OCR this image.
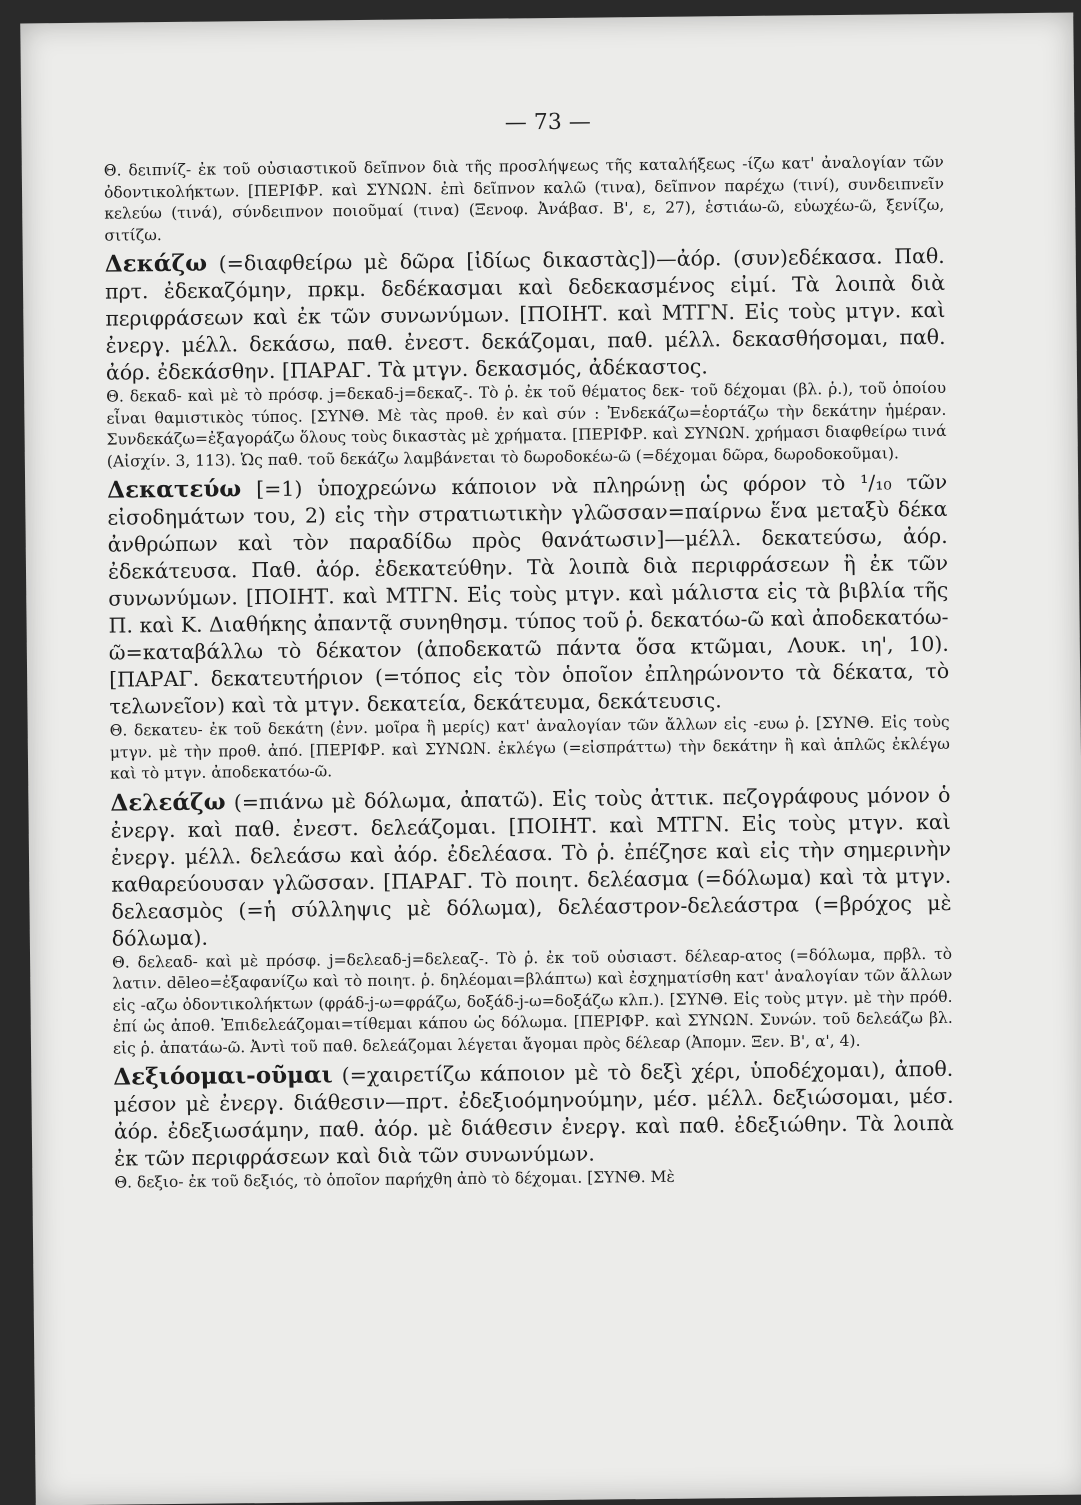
— 73 —

Θ. δειπνίζ- ἐκ τοῦ οὐσιαστικοῦ δεῖπνον διὰ τῆς προσλήψεως τῆς καταλήξεως -ίζω κατ' ἀναλογίαν τῶν ὀδοντικολήκτων. [ΠΕΡΙΦΡ. καὶ ΣΥΝΩΝ. ἐπὶ δεῖπνον καλῶ (τινα), δεῖπνον παρέχω (τινί), συνδειπνεῖν κελεύω (τινά), σύνδειπνον ποιοῦμαί (τινα) (Ξενοφ. Ἀνάβασ. Β', ε, 27), ἑστιάω-ῶ, εὐωχέω-ῶ, ξενίζω, σιτίζω.

Δεκάζω (=διαφθείρω μὲ δῶρα [ἰδίως δικαστὰς])—ἀόρ. (συν)εδέκασα. Παθ. πρτ. ἐδεκαζόμην, πρκμ. δεδέκασμαι καὶ δεδεκασμένος εἰμί. Τὰ λοιπὰ διὰ περιφράσεων καὶ ἐκ τῶν συνωνύμων. [ΠΟΙΗΤ. καὶ ΜΤΓΝ. Εἰς τοὺς μτγν. καὶ ἐνεργ. μέλλ. δεκάσω, παθ. ἐνεστ. δεκάζομαι, παθ. μέλλ. δεκασθήσομαι, παθ. ἀόρ. ἐδεκάσθην. [ΠΑΡΑΓ. Τὰ μτγν. δεκασμός, ἀδέκαστος.

Θ. δεκαδ- καὶ μὲ τὸ πρόσφ. j=δεκαδ-j=δεκαζ-. Τὸ ῥ. ἐκ τοῦ θέματος δεκ- τοῦ δέχομαι (βλ. ῥ.), τοῦ ὁποίου εἶναι θαμιστικὸς τύπος. [ΣΥΝΘ. Μὲ τὰς προθ. ἐν καὶ σύν : Ἐνδεκάζω=ἑορτάζω τὴν δεκάτην ἡμέραν. Συνδεκάζω=ἐξαγοράζω ὅλους τοὺς δικαστὰς μὲ χρήματα. [ΠΕΡΙΦΡ. καὶ ΣΥΝΩΝ. χρήμασι διαφθείρω τινά (Αἰσχίν. 3, 113). Ὡς παθ. τοῦ δεκάζω λαμβάνεται τὸ δωροδοκέω-ῶ (=δέχομαι δῶρα, δωροδοκοῦμαι).

Δεκατεύω [=1) ὑποχρεώνω κάποιον νὰ πληρώνῃ ὡς φόρον τὸ ¹/₁₀ τῶν εἰσοδημάτων του, 2) εἰς τὴν στρατιωτικὴν γλῶσσαν=παίρνω ἕνα μεταξὺ δέκα ἀνθρώπων καὶ τὸν παραδίδω πρὸς θανάτωσιν]—μέλλ. δεκατεύσω, ἀόρ. ἐδεκάτευσα. Παθ. ἀόρ. ἐδεκατεύθην. Τὰ λοιπὰ διὰ περιφράσεων ἢ ἐκ τῶν συνωνύμων. [ΠΟΙΗΤ. καὶ ΜΤΓΝ. Εἰς τοὺς μτγν. καὶ μάλιστα εἰς τὰ βιβλία τῆς Π. καὶ Κ. Διαθήκης ἀπαντᾷ συνηθησμ. τύπος τοῦ ῥ. δεκατόω-ῶ καὶ ἀποδεκατόω-ῶ=καταβάλλω τὸ δέκατον (ἀποδεκατῶ πάντα ὅσα κτῶμαι, Λουκ. ιη', 10). [ΠΑΡΑΓ. δεκατευτήριον (=τόπος εἰς τὸν ὁποῖον ἐπληρώνοντο τὰ δέκατα, τὸ τελωνεῖον) καὶ τὰ μτγν. δεκατεία, δεκάτευμα, δεκάτευσις.

Θ. δεκατευ- ἐκ τοῦ δεκάτη (ἐνν. μοῖρα ἢ μερίς) κατ' ἀναλογίαν τῶν ἄλλων εἰς -ευω ῥ. [ΣΥΝΘ. Εἰς τοὺς μτγν. μὲ τὴν προθ. ἀπό. [ΠΕΡΙΦΡ. καὶ ΣΥΝΩΝ. ἐκλέγω (=εἰσπράττω) τὴν δεκάτην ἢ καὶ ἁπλῶς ἐκλέγω καὶ τὸ μτγν. ἀποδεκατόω-ῶ.

Δελεάζω (=πιάνω μὲ δόλωμα, ἀπατῶ). Εἰς τοὺς ἀττικ. πεζογράφους μόνον ὁ ἐνεργ. καὶ παθ. ἐνεστ. δελεάζομαι. [ΠΟΙΗΤ. καὶ ΜΤΓΝ. Εἰς τοὺς μτγν. καὶ ἐνεργ. μέλλ. δελεάσω καὶ ἀόρ. ἐδελέασα. Τὸ ῥ. ἐπέζησε καὶ εἰς τὴν σημερινὴν καθαρεύουσαν γλῶσσαν. [ΠΑΡΑΓ. Τὸ ποιητ. δελέασμα (=δόλωμα) καὶ τὰ μτγν. δελεασμὸς (=ἡ σύλληψις μὲ δόλωμα), δελέαστρον-δελεάστρα (=βρόχος μὲ δόλωμα).

Θ. δελεαδ- καὶ μὲ πρόσφ. j=δελεαδ-j=δελεαζ-. Τὸ ῥ. ἐκ τοῦ οὐσιαστ. δέλεαρ-ατος (=δόλωμα, πρβλ. τὸ λατιν. dēleo=ἐξαφανίζω καὶ τὸ ποιητ. ῥ. δηλέομαι=βλάπτω) καὶ ἐσχηματίσθη κατ' ἀναλογίαν τῶν ἄλλων εἰς -αζω ὀδοντικολήκτων (φράδ-j-ω=φράζω, δοξάδ-j-ω=δοξάζω κλπ.). [ΣΥΝΘ. Εἰς τοὺς μτγν. μὲ τὴν πρόθ. ἐπί ὡς ἀποθ. Ἐπιδελεάζομαι=τίθεμαι κάπου ὡς δόλωμα. [ΠΕΡΙΦΡ. καὶ ΣΥΝΩΝ. Συνών. τοῦ δελεάζω βλ. εἰς ῥ. ἀπατάω-ῶ. Ἀντὶ τοῦ παθ. δελεάζομαι λέγεται ἄγομαι πρὸς δέλεαρ (Ἀπομν. Ξεν. Β', α', 4).

Δεξιόομαι-οῦμαι (=χαιρετίζω κάποιον μὲ τὸ δεξὶ χέρι, ὑποδέχομαι), ἀποθ. μέσον μὲ ἐνεργ. διάθεσιν—πρτ. ἐδεξιοόμηνούμην, μέσ. μέλλ. δεξιώσομαι, μέσ. ἀόρ. ἐδεξιωσάμην, παθ. ἀόρ. μὲ διάθεσιν ἐνεργ. καὶ παθ. ἐδεξιώθην. Τὰ λοιπὰ ἐκ τῶν περιφράσεων καὶ διὰ τῶν συνωνύμων.

Θ. δεξιο- ἐκ τοῦ δεξιός, τὸ ὁποῖον παρήχθη ἀπὸ τὸ δέχομαι. [ΣΥΝΘ. Μὲ
